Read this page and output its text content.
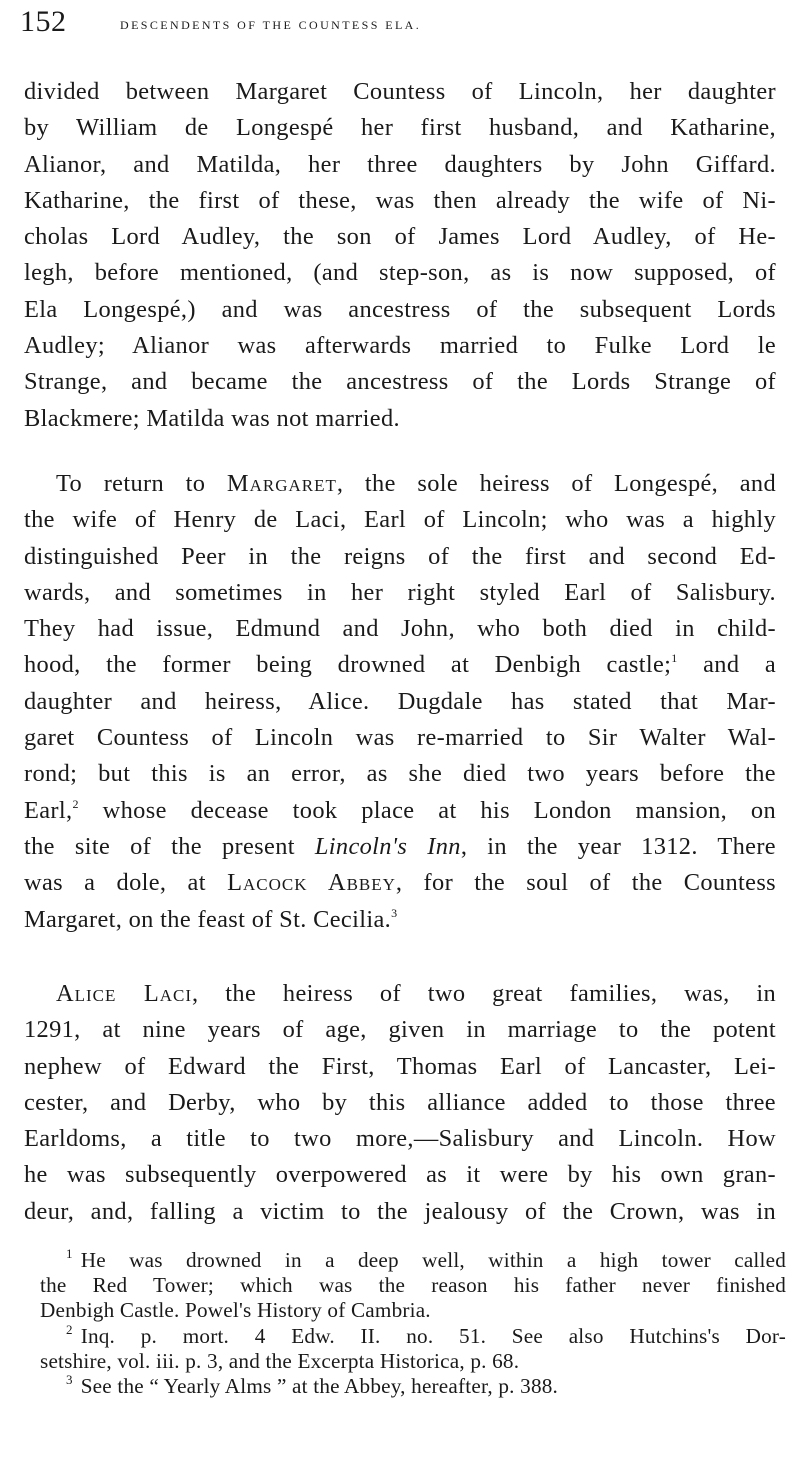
152	descendents of the countess ela.
divided between Margaret Countess of Lincoln, her daughter
by William de Longespé her first husband, and Katharine,
Alianor, and Matilda, her three daughters by John Giffard.
Katharine, the first of these, was then already the wife of Ni-
cholas Lord Audley, the son of James Lord Audley, of He-
legh, before mentioned, (and step-son, as is now supposed, of
Ela Longespé,) and was ancestress of the subsequent Lords
Audley; Alianor was afterwards married to Fulke Lord le
Strange, and became the ancestress of the Lords Strange of
Blackmere; Matilda was not married.
To return to Margaret, the sole heiress of Longespé, and
the wife of Henry de Laci, Earl of Lincoln; who was a highly
distinguished Peer in the reigns of the first and second Ed-
wards, and sometimes in her right styled Earl of Salisbury.
They had issue, Edmund and John, who both died in child-
hood, the former being drowned at Denbigh castle;$^1$ and a
daughter and heiress, Alice. Dugdale has stated that Mar-
garet Countess of Lincoln was re-married to Sir Walter Wal-
rond; but this is an error, as she died two years before the
Earl,$^2$ whose decease took place at his London mansion, on
the site of the present Lincoln's Inn, in the year 1312. There
was a dole, at Lacock Abbey, for the soul of the Countess
Margaret, on the feast of St. Cecilia.$^3$
Alice Laci, the heiress of two great families, was, in
1291, at nine years of age, given in marriage to the potent
nephew of Edward the First, Thomas Earl of Lancaster, Lei-
cester, and Derby, who by this alliance added to those three
Earldoms, a title to two more,—Salisbury and Lincoln. How
he was subsequently overpowered as it were by his own gran-
deur, and, falling a victim to the jealousy of the Crown, was in
$^1$ He was drowned in a deep well, within a high tower called
the Red Tower; which was the reason his father never finished
Denbigh Castle. Powel's History of Cambria.
$^2$ Inq. p. mort. 4 Edw. II. no. 51. See also Hutchins's Dor-
setshire, vol. iii. p. 3, and the Excerpta Historica, p. 68.
$^3$ See the “ Yearly Alms ” at the Abbey, hereafter, p. 388.
